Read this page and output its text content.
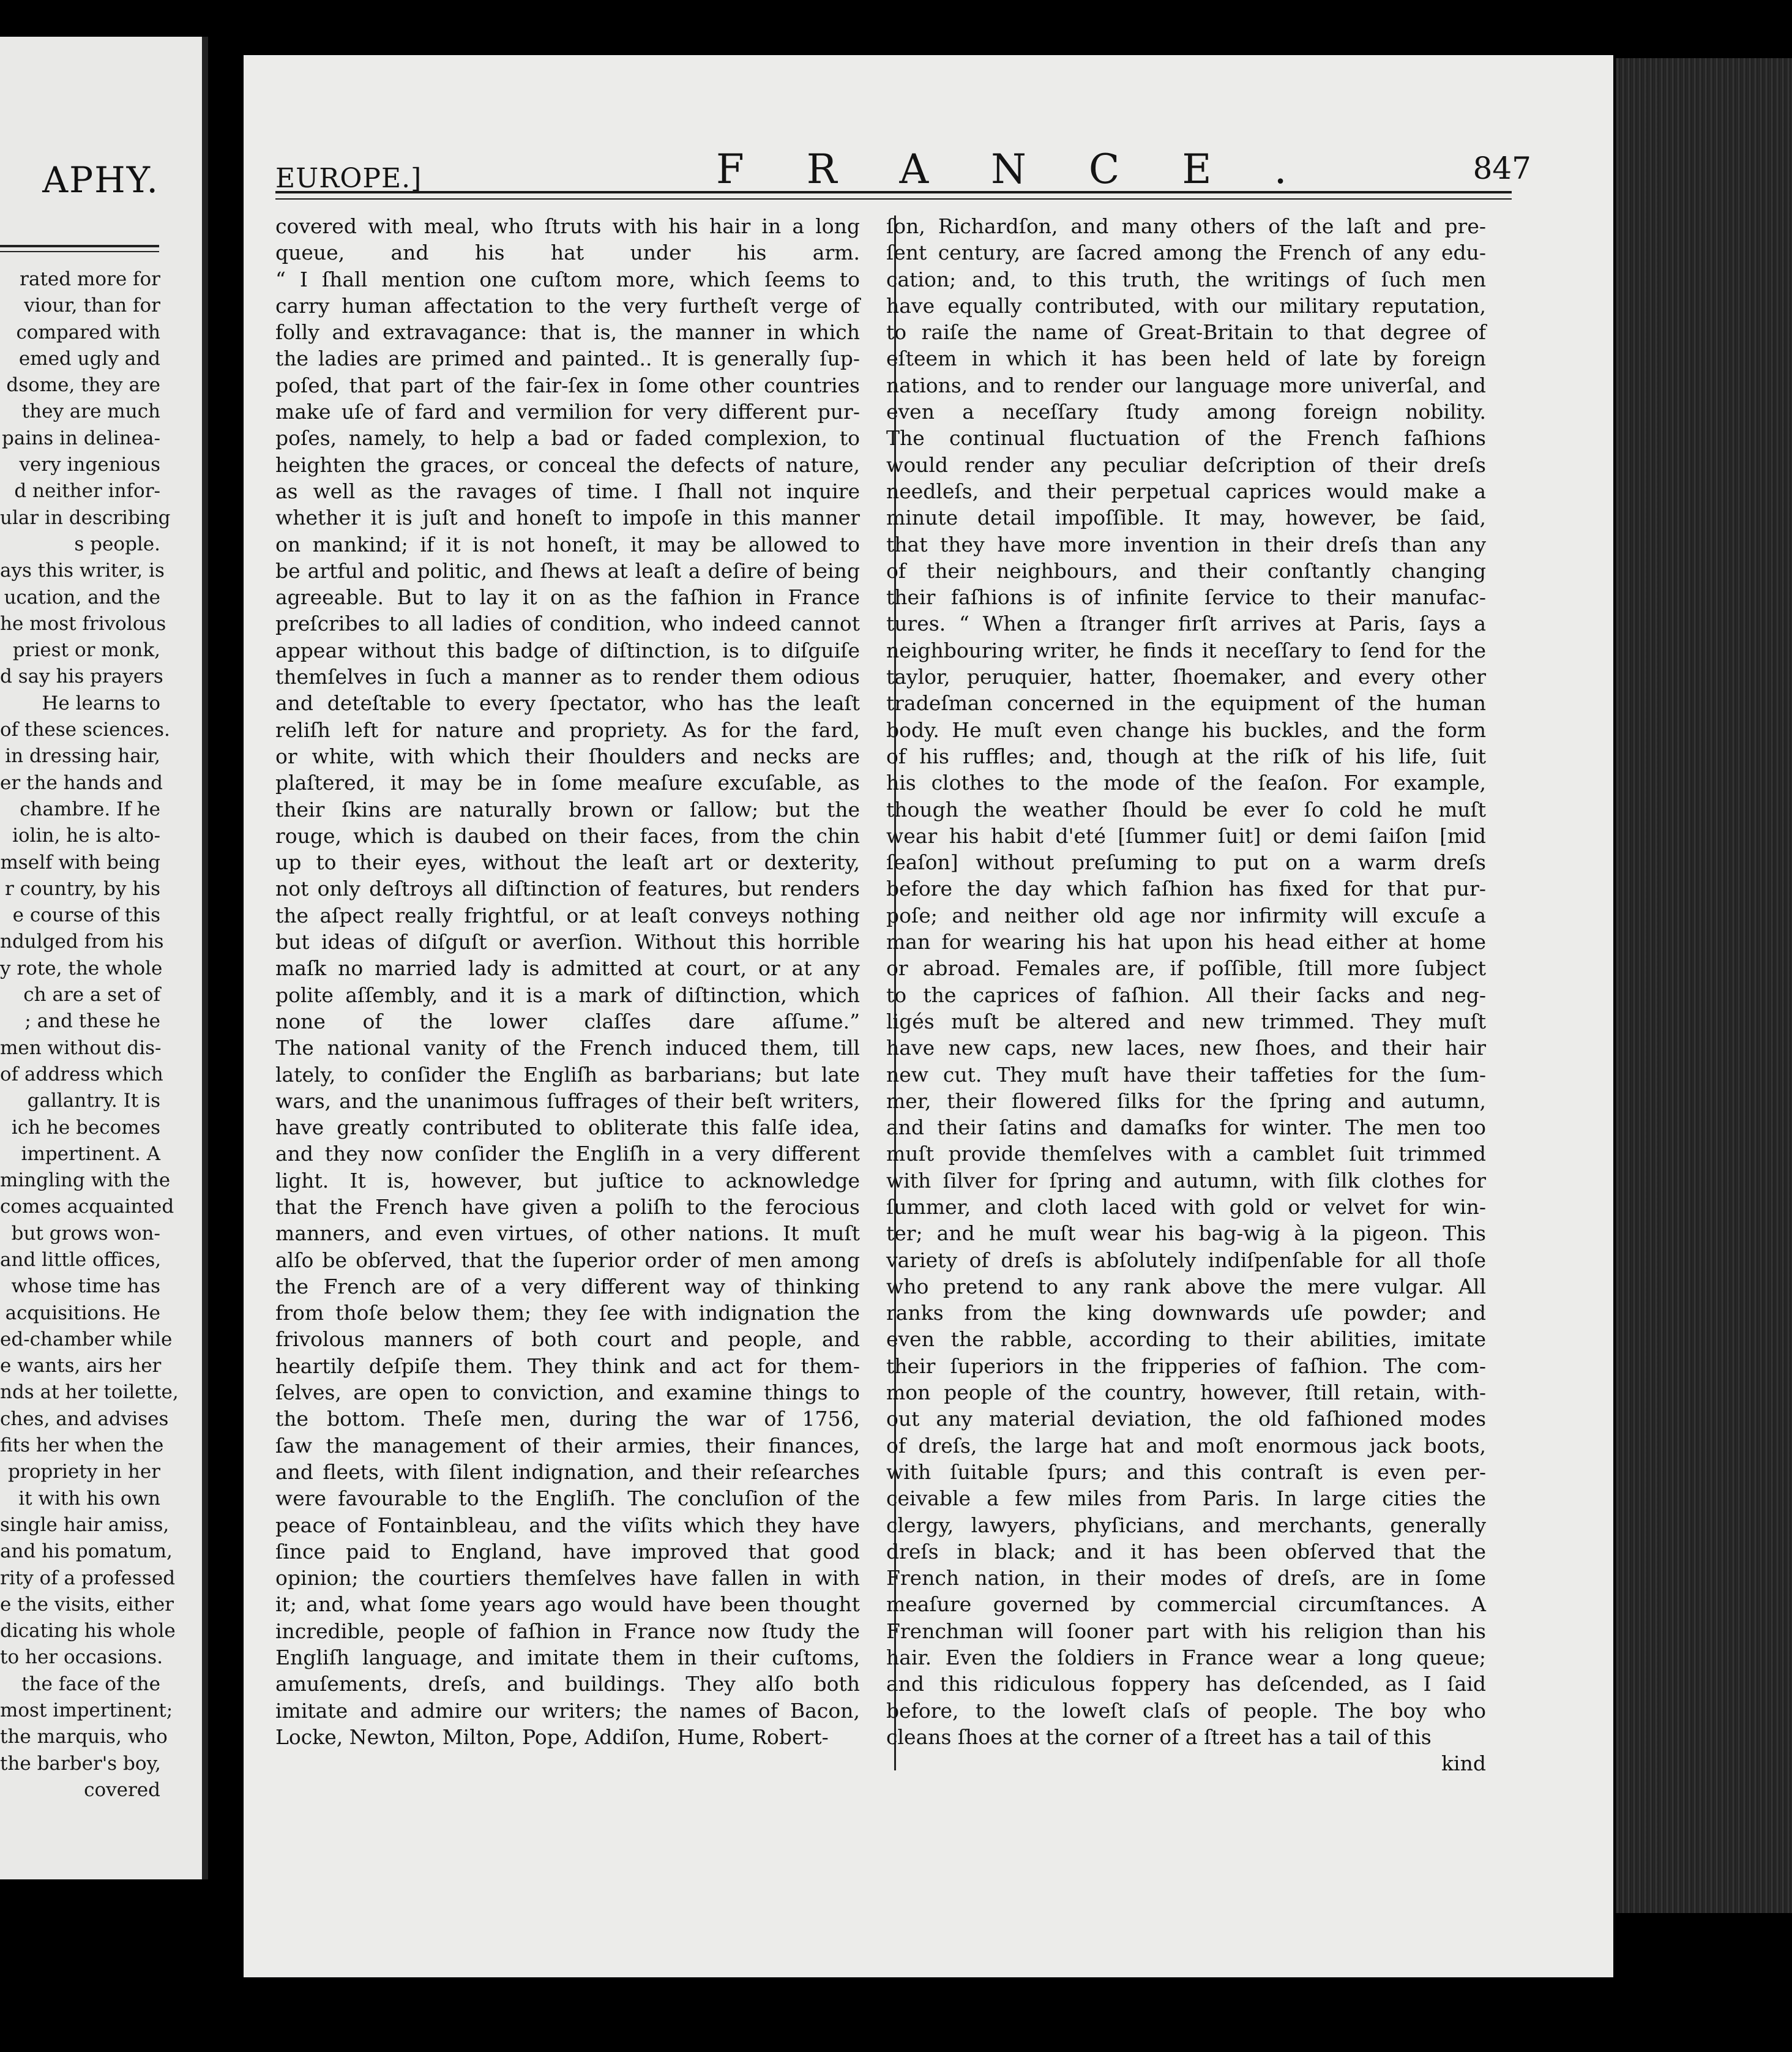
APHY.
rated more for
viour, than for
compared with
emed ugly and
dsome, they are
they are much
pains in delinea-
very ingenious
d neither infor-
ular in describing
s people.
ays this writer, is
ucation, and the
he most frivolous
priest or monk,
d say his prayers
He learns to
of these sciences.
in dressing hair,
er the hands and
chambre. If he
iolin, he is alto-
mself with being
r country, by his
e course of this
ndulged from his
y rote, the whole
ch are a set of
; and these he
men without dis-
of address which
gallantry. It is
ich he becomes
impertinent. A
mingling with the
comes acquainted
but grows won-
and little offices,
whose time has
acquisitions. He
ed-chamber while
e wants, airs her
nds at her toilette,
ches, and advises
fits her when the
propriety in her
it with his own
single hair amiss,
and his pomatum,
rity of a professed
e the visits, either
dicating his whole
to her occasions.
the face of the
most impertinent;
the marquis, who
the barber's boy,
covered
EUROPE.]	FRANCE.	847
covered with meal, who ſtruts with his hair in a long
queue, and his hat under his arm.
“ I ſhall mention one cuſtom more, which ſeems to
carry human affectation to the very furtheſt verge of
folly and extravagance: that is, the manner in which
the ladies are primed and painted.. It is generally ſup-
poſed, that part of the fair-ſex in ſome other countries
make uſe of fard and vermilion for very different pur-
poſes, namely, to help a bad or faded complexion, to
heighten the graces, or conceal the defects of nature,
as well as the ravages of time. I ſhall not inquire
whether it is juſt and honeſt to impoſe in this manner
on mankind; if it is not honeſt, it may be allowed to
be artful and politic, and ſhews at leaſt a deſire of being
agreeable. But to lay it on as the faſhion in France
preſcribes to all ladies of condition, who indeed cannot
appear without this badge of diſtinction, is to diſguiſe
themſelves in ſuch a manner as to render them odious
and deteſtable to every ſpectator, who has the leaſt
reliſh left for nature and propriety. As for the fard,
or white, with which their ſhoulders and necks are
plaſtered, it may be in ſome meaſure excuſable, as
their ſkins are naturally brown or ſallow; but the
rouge, which is daubed on their faces, from the chin
up to their eyes, without the leaſt art or dexterity,
not only deſtroys all diſtinction of features, but renders
the aſpect really frightful, or at leaſt conveys nothing
but ideas of diſguſt or averſion. Without this horrible
maſk no married lady is admitted at court, or at any
polite aſſembly, and it is a mark of diſtinction, which
none of the lower claſſes dare aſſume.”
The national vanity of the French induced them, till
lately, to conſider the Engliſh as barbarians; but late
wars, and the unanimous ſuffrages of their beſt writers,
have greatly contributed to obliterate this falſe idea,
and they now conſider the Engliſh in a very different
light. It is, however, but juſtice to acknowledge
that the French have given a poliſh to the ferocious
manners, and even virtues, of other nations. It muſt
alſo be obſerved, that the ſuperior order of men among
the French are of a very different way of thinking
from thoſe below them; they ſee with indignation the
frivolous manners of both court and people, and
heartily deſpiſe them. They think and act for them-
ſelves, are open to conviction, and examine things to
the bottom. Theſe men, during the war of 1756,
ſaw the management of their armies, their finances,
and fleets, with ſilent indignation, and their reſearches
were favourable to the Engliſh. The concluſion of the
peace of Fontainbleau, and the viſits which they have
ſince paid to England, have improved that good
opinion; the courtiers themſelves have fallen in with
it; and, what ſome years ago would have been thought
incredible, people of faſhion in France now ſtudy the
Engliſh language, and imitate them in their cuſtoms,
amuſements, dreſs, and buildings. They alſo both
imitate and admire our writers; the names of Bacon,
Locke, Newton, Milton, Pope, Addiſon, Hume, Robert-
ſon, Richardſon, and many others of the laſt and pre-
ſent century, are ſacred among the French of any edu-
cation; and, to this truth, the writings of ſuch men
have equally contributed, with our military reputation,
to raiſe the name of Great-Britain to that degree of
eſteem in which it has been held of late by foreign
nations, and to render our language more univerſal, and
even a neceſſary ſtudy among foreign nobility.
The continual fluctuation of the French faſhions
would render any peculiar deſcription of their dreſs
needleſs, and their perpetual caprices would make a
minute detail impoſſible. It may, however, be ſaid,
that they have more invention in their dreſs than any
of their neighbours, and their conſtantly changing
their faſhions is of infinite ſervice to their manufac-
tures. “ When a ſtranger firſt arrives at Paris, ſays a
neighbouring writer, he finds it neceſſary to ſend for the
taylor, peruquier, hatter, ſhoemaker, and every other
tradeſman concerned in the equipment of the human
body. He muſt even change his buckles, and the form
of his ruffles; and, though at the riſk of his life, ſuit
his clothes to the mode of the ſeaſon. For example,
though the weather ſhould be ever ſo cold he muſt
wear his habit d'eté [ſummer ſuit] or demi ſaiſon [mid
ſeaſon] without preſuming to put on a warm dreſs
before the day which faſhion has fixed for that pur-
poſe; and neither old age nor infirmity will excuſe a
man for wearing his hat upon his head either at home
or abroad. Females are, if poſſible, ſtill more ſubject
to the caprices of faſhion. All their ſacks and neg-
ligés muſt be altered and new trimmed. They muſt
have new caps, new laces, new ſhoes, and their hair
new cut. They muſt have their taffeties for the ſum-
mer, their flowered ſilks for the ſpring and autumn,
and their ſatins and damaſks for winter. The men too
muſt provide themſelves with a camblet ſuit trimmed
with ſilver for ſpring and autumn, with ſilk clothes for
ſummer, and cloth laced with gold or velvet for win-
ter; and he muſt wear his bag-wig à la pigeon. This
variety of dreſs is abſolutely indiſpenſable for all thoſe
who pretend to any rank above the mere vulgar. All
ranks from the king downwards uſe powder; and
even the rabble, according to their abilities, imitate
their ſuperiors in the fripperies of faſhion. The com-
mon people of the country, however, ſtill retain, with-
out any material deviation, the old faſhioned modes
of dreſs, the large hat and moſt enormous jack boots,
with ſuitable ſpurs; and this contraſt is even per-
ceivable a few miles from Paris. In large cities the
clergy, lawyers, phyſicians, and merchants, generally
dreſs in black; and it has been obſerved that the
French nation, in their modes of dreſs, are in ſome
meaſure governed by commercial circumſtances. A
Frenchman will ſooner part with his religion than his
hair. Even the ſoldiers in France wear a long queue;
and this ridiculous foppery has deſcended, as I ſaid
before, to the loweſt claſs of people. The boy who
cleans ſhoes at the corner of a ſtreet has a tail of this
kind
